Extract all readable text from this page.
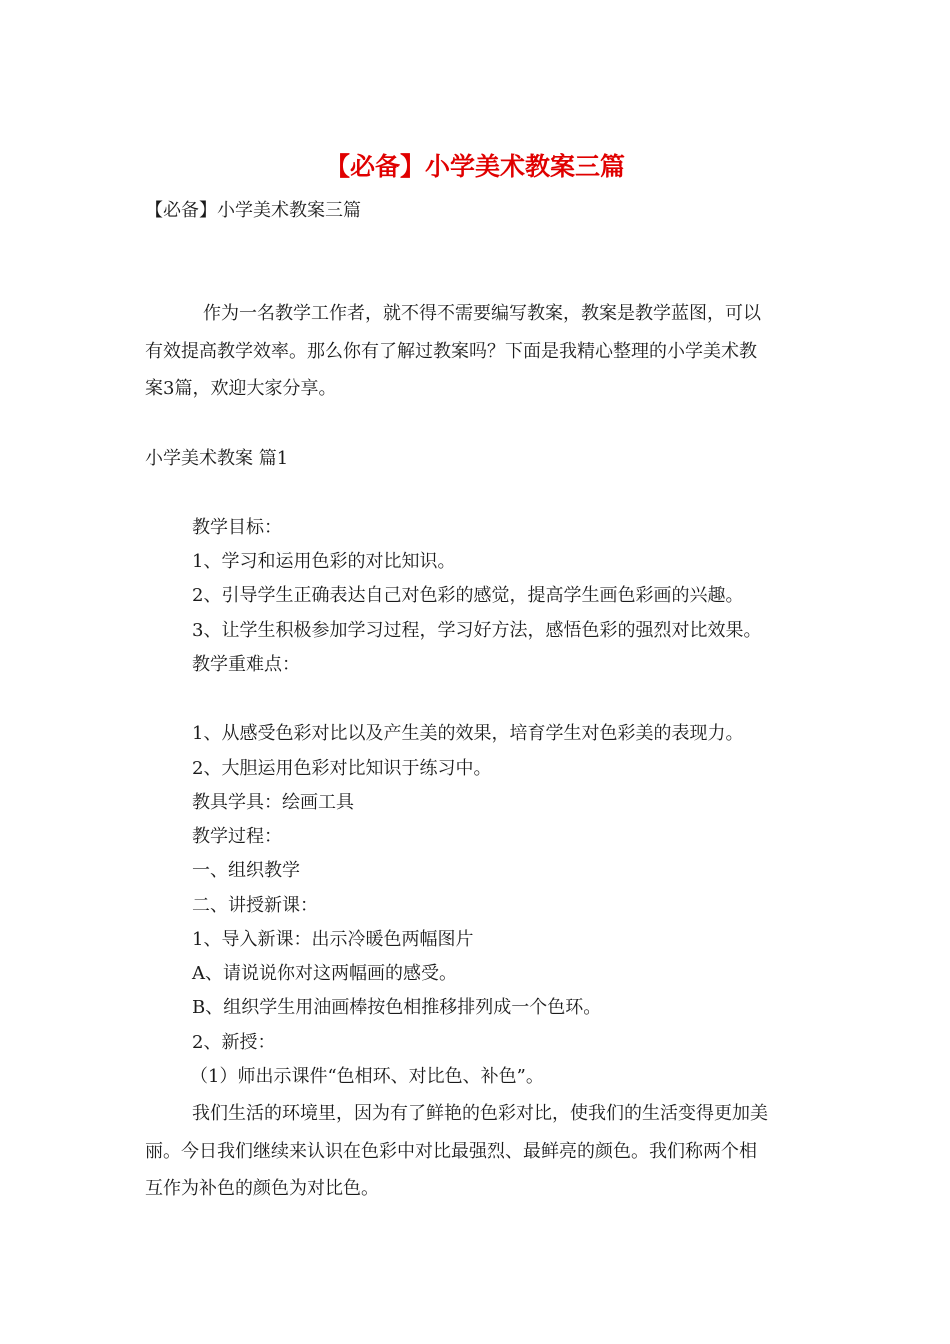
【必备】小学美术教案三篇

【必备】小学美术教案三篇

作为一名教学工作者，就不得不需要编写教案，教案是教学蓝图，可以

有效提高教学效率。那么你有了解过教案吗？下面是我精心整理的小学美术教

案3篇，欢迎大家分享。

小学美术教案 篇1

教学目标：

1、学习和运用色彩的对比知识。

2、引导学生正确表达自己对色彩的感觉，提高学生画色彩画的兴趣。

3、让学生积极参加学习过程，学习好方法，感悟色彩的强烈对比效果。

教学重难点：

1、从感受色彩对比以及产生美的效果，培育学生对色彩美的表现力。

2、大胆运用色彩对比知识于练习中。

教具学具：绘画工具

教学过程：

一、组织教学

二、讲授新课：

1、导入新课：出示冷暖色两幅图片

A、请说说你对这两幅画的感受。

B、组织学生用油画棒按色相推移排列成一个色环。

2、新授：

（1）师出示课件“色相环、对比色、补色”。

我们生活的环境里，因为有了鲜艳的色彩对比，使我们的生活变得更加美

丽。今日我们继续来认识在色彩中对比最强烈、最鲜亮的颜色。我们称两个相

互作为补色的颜色为对比色。
